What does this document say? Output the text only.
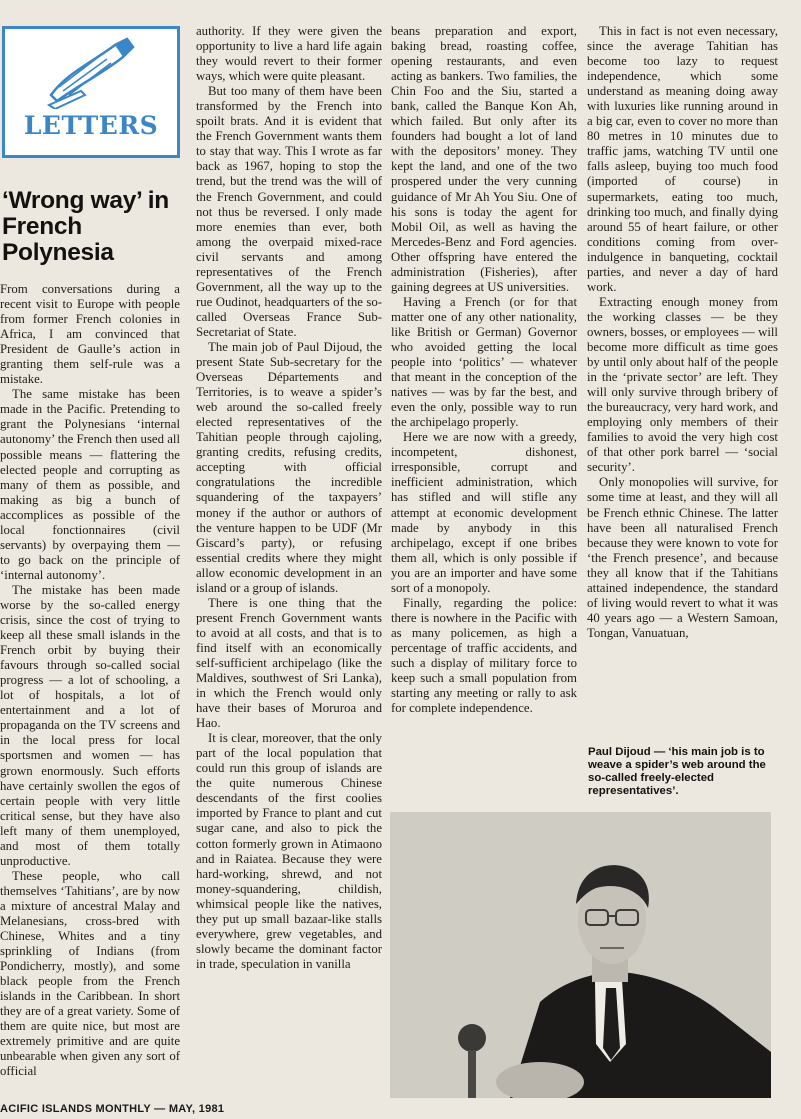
LETTERS
‘Wrong way’ in French Polynesia

From conversations during a recent visit to Europe with people from former French colonies in Africa, I am convinced that President de Gaulle’s action in granting them self-rule was a mistake.

The same mistake has been made in the Pacific. Pretending to grant the Polynesians ‘internal autonomy’ the French then used all possible means — flattering the elected people and corrupting as many of them as possible, and making as big a bunch of accomplices as possible of the local fonctionnaires (civil servants) by overpaying them — to go back on the principle of ‘internal autonomy’.

The mistake has been made worse by the so-called energy crisis, since the cost of trying to keep all these small islands in the French orbit by buying their favours through so-called social progress — a lot of schooling, a lot of hospitals, a lot of entertainment and a lot of propaganda on the TV screens and in the local press for local sportsmen and women — has grown enormously. Such efforts have certainly swollen the egos of certain people with very little critical sense, but they have also left many of them unemployed, and most of them totally unproductive.

These people, who call themselves ‘Tahitians’, are by now a mixture of ancestral Malay and Melanesians, cross-bred with Chinese, Whites and a tiny sprinkling of Indians (from Pondicherry, mostly), and some black people from the French islands in the Caribbean. In short they are of a great variety. Some of them are quite nice, but most are extremely primitive and are quite unbearable when given any sort of official

authority. If they were given the opportunity to live a hard life again they would revert to their former ways, which were quite pleasant.

But too many of them have been transformed by the French into spoilt brats. And it is evident that the French Government wants them to stay that way. This I wrote as far back as 1967, hoping to stop the trend, but the trend was the will of the French Government, and could not thus be reversed. I only made more enemies than ever, both among the overpaid mixed-race civil servants and among representatives of the French Government, all the way up to the rue Oudinot, headquarters of the so-called Overseas France Sub-Secretariat of State.

The main job of Paul Dijoud, the present State Sub-secretary for the Overseas Départements and Territories, is to weave a spider’s web around the so-called freely elected representatives of the Tahitian people through cajoling, granting credits, refusing credits, accepting with official congratulations the incredible squandering of the taxpayers’ money if the author or authors of the venture happen to be UDF (Mr Giscard’s party), or refusing essential credits where they might allow economic development in an island or a group of islands.

There is one thing that the present French Government wants to avoid at all costs, and that is to find itself with an economically self-sufficient archipelago (like the Maldives, southwest of Sri Lanka), in which the French would only have their bases of Moruroa and Hao.

It is clear, moreover, that the only part of the local population that could run this group of islands are the quite numerous Chinese descendants of the first coolies imported by France to plant and cut sugar cane, and also to pick the cotton formerly grown in Atimaono and in Raiatea. Because they were hard-working, shrewd, and not money-squandering, childish, whimsical people like the natives, they put up small bazaar-like stalls everywhere, grew vegetables, and slowly became the dominant factor in trade, speculation in vanilla

beans preparation and export, baking bread, roasting coffee, opening restaurants, and even acting as bankers. Two families, the Chin Foo and the Siu, started a bank, called the Banque Kon Ah, which failed. But only after its founders had bought a lot of land with the depositors’ money. They kept the land, and one of the two prospered under the very cunning guidance of Mr Ah You Siu. One of his sons is today the agent for Mobil Oil, as well as having the Mercedes-Benz and Ford agencies. Other offspring have entered the administration (Fisheries), after gaining degrees at US universities.

Having a French (or for that matter one of any other nationality, like British or German) Governor who avoided getting the local people into ‘politics’ — whatever that meant in the conception of the natives — was by far the best, and even the only, possible way to run the archipelago properly.

Here we are now with a greedy, incompetent, dishonest, irresponsible, corrupt and inefficient administration, which has stifled and will stifle any attempt at economic development made by anybody in this archipelago, except if one bribes them all, which is only possible if you are an importer and have some sort of a monopoly.

Finally, regarding the police: there is nowhere in the Pacific with as many policemen, as high a percentage of traffic accidents, and such a display of military force to keep such a small population from starting any meeting or rally to ask for complete independence.

This in fact is not even necessary, since the average Tahitian has become too lazy to request independence, which some understand as meaning doing away with luxuries like running around in a big car, even to cover no more than 80 metres in 10 minutes due to traffic jams, watching TV until one falls asleep, buying too much food (imported of course) in supermarkets, eating too much, drinking too much, and finally dying around 55 of heart failure, or other conditions coming from over-indulgence in banqueting, cocktail parties, and never a day of hard work.

Extracting enough money from the working classes — be they owners, bosses, or employees — will become more difficult as time goes by until only about half of the people in the ‘private sector’ are left. They will only survive through bribery of the bureaucracy, very hard work, and employing only members of their families to avoid the very high cost of that other pork barrel — ‘social security’.

Only monopolies will survive, for some time at least, and they will all be French ethnic Chinese. The latter have been all naturalised French because they were known to vote for ‘the French presence’, and because they all know that if the Tahitians attained independence, the standard of living would revert to what it was 40 years ago — a Western Samoan, Tongan, Vanuatuan,

Paul Dijoud — ‘his main job is to weave a spider’s web around the so-called freely-elected representatives’.
ACIFIC ISLANDS MONTHLY — MAY, 1981
